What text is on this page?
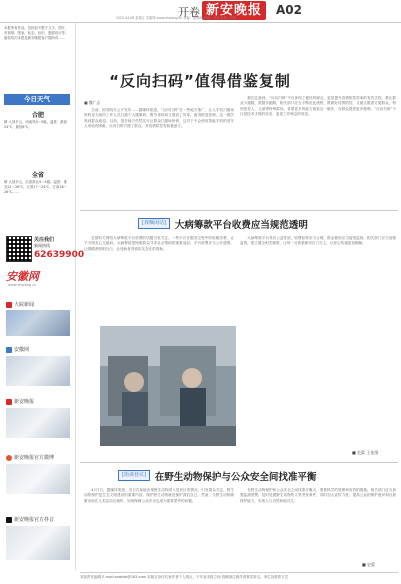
开卷 新安晚报	A02
2022.04.08 星期五 安徽网 www.ahwang.cn 责编：康晓明 美编：马玲 组版：叶影
本报所有作品，包括但不限于文字、图片、音视频、图表、标志、标识、版面设计等，版权均归本报及新安晚报客户端所有……
今日天气
合肥
晴 大部多云，西南风4～5级。温度：最高24℃，最低8℃。
全省
晴 大部多云，沿淮淮北4～5级。温度：淮北21～26℃，江淮17～24℃，江南18～26℃……
关注我们
新闻热线
62639900
安徽网
www.ahwang.cn
大皖新闻
安徽网
新安晚报
新安晚报官方微博
新安晚报官方抖音
“反向扫码”值得借鉴复制
■ 魏广志

日前，国务院办公厅发布……据媒体报道，“反向扫码”在一些地方推广，让人手机扫描场所码变为场所工作人员扫描个人健康码，既节省时间又提高了效率，值得借鉴复制。这一做法受到群众欢迎。目前，很多地方仍然实行让群众扫描场所码，这对于不会使用智能手机的老年人来说有困难，反向扫码方便了群众，对疫情防控有积极意义。

我们注意到，“反向扫码”不仅体现了便民的理念，更是提升疫情防控效率的有效手段。要让群众少跑腿，数据多跑路，相关部门应当不断优化流程，既做好疫情防控，又最大限度方便群众，特别是老人、儿童等特殊群体。希望更多的地方借鉴这一做法，为群众提供更多便利。“反向扫码”不仅是技术手段的转变，更是工作理念的转变。

[戏嘱闲话] 大病筹款平台收费应当规范透明

近期有关网络大病筹款平台收费的话题引发关注。一些平台在服务过程中收取服务费，让不少网友心生疑问。大病筹款是困难群众寻求社会帮助的重要途径，平台收费应当公开透明，让捐赠者明明白白，让受助者得到实实在在的帮助。

大病筹款平台具有公益性质，收费标准应当合理，资金使用应当接受监督。相关部门应当加强监管，建立健全相关制度，让每一分善款都用在刀刃上，让爱心传递更加顺畅。

■ 毛蒙 王佳图
[街谈巷议] 在野生动物保护与公众安全间找准平衡

4月7日，据媒体报道，近日在某地出现野生动物进入居民区的情况，引发群众关注。野生动物保护是生态文明建设的重要内容，保护野生动物就是保护我们自己。然而，当野生动物频繁出现在人类活动区域时，如何保障公众安全也成为需要思考的问题。

在野生动物保护和公众安全之间找准平衡点，需要科学的管理和有效的措施。相关部门应当加强监测预警，及时处置野生动物伤人等突发事件，同时加大宣传力度，提高公众的保护意识和自我保护能力，实现人与自然和谐共生。

■ 史蒙
本版责任编辑 E-mail:xawbbr@163.com 本版言论仅代表作者个人观点，不代表本报立场 投稿请注明作者真实姓名、单位及联系方式
